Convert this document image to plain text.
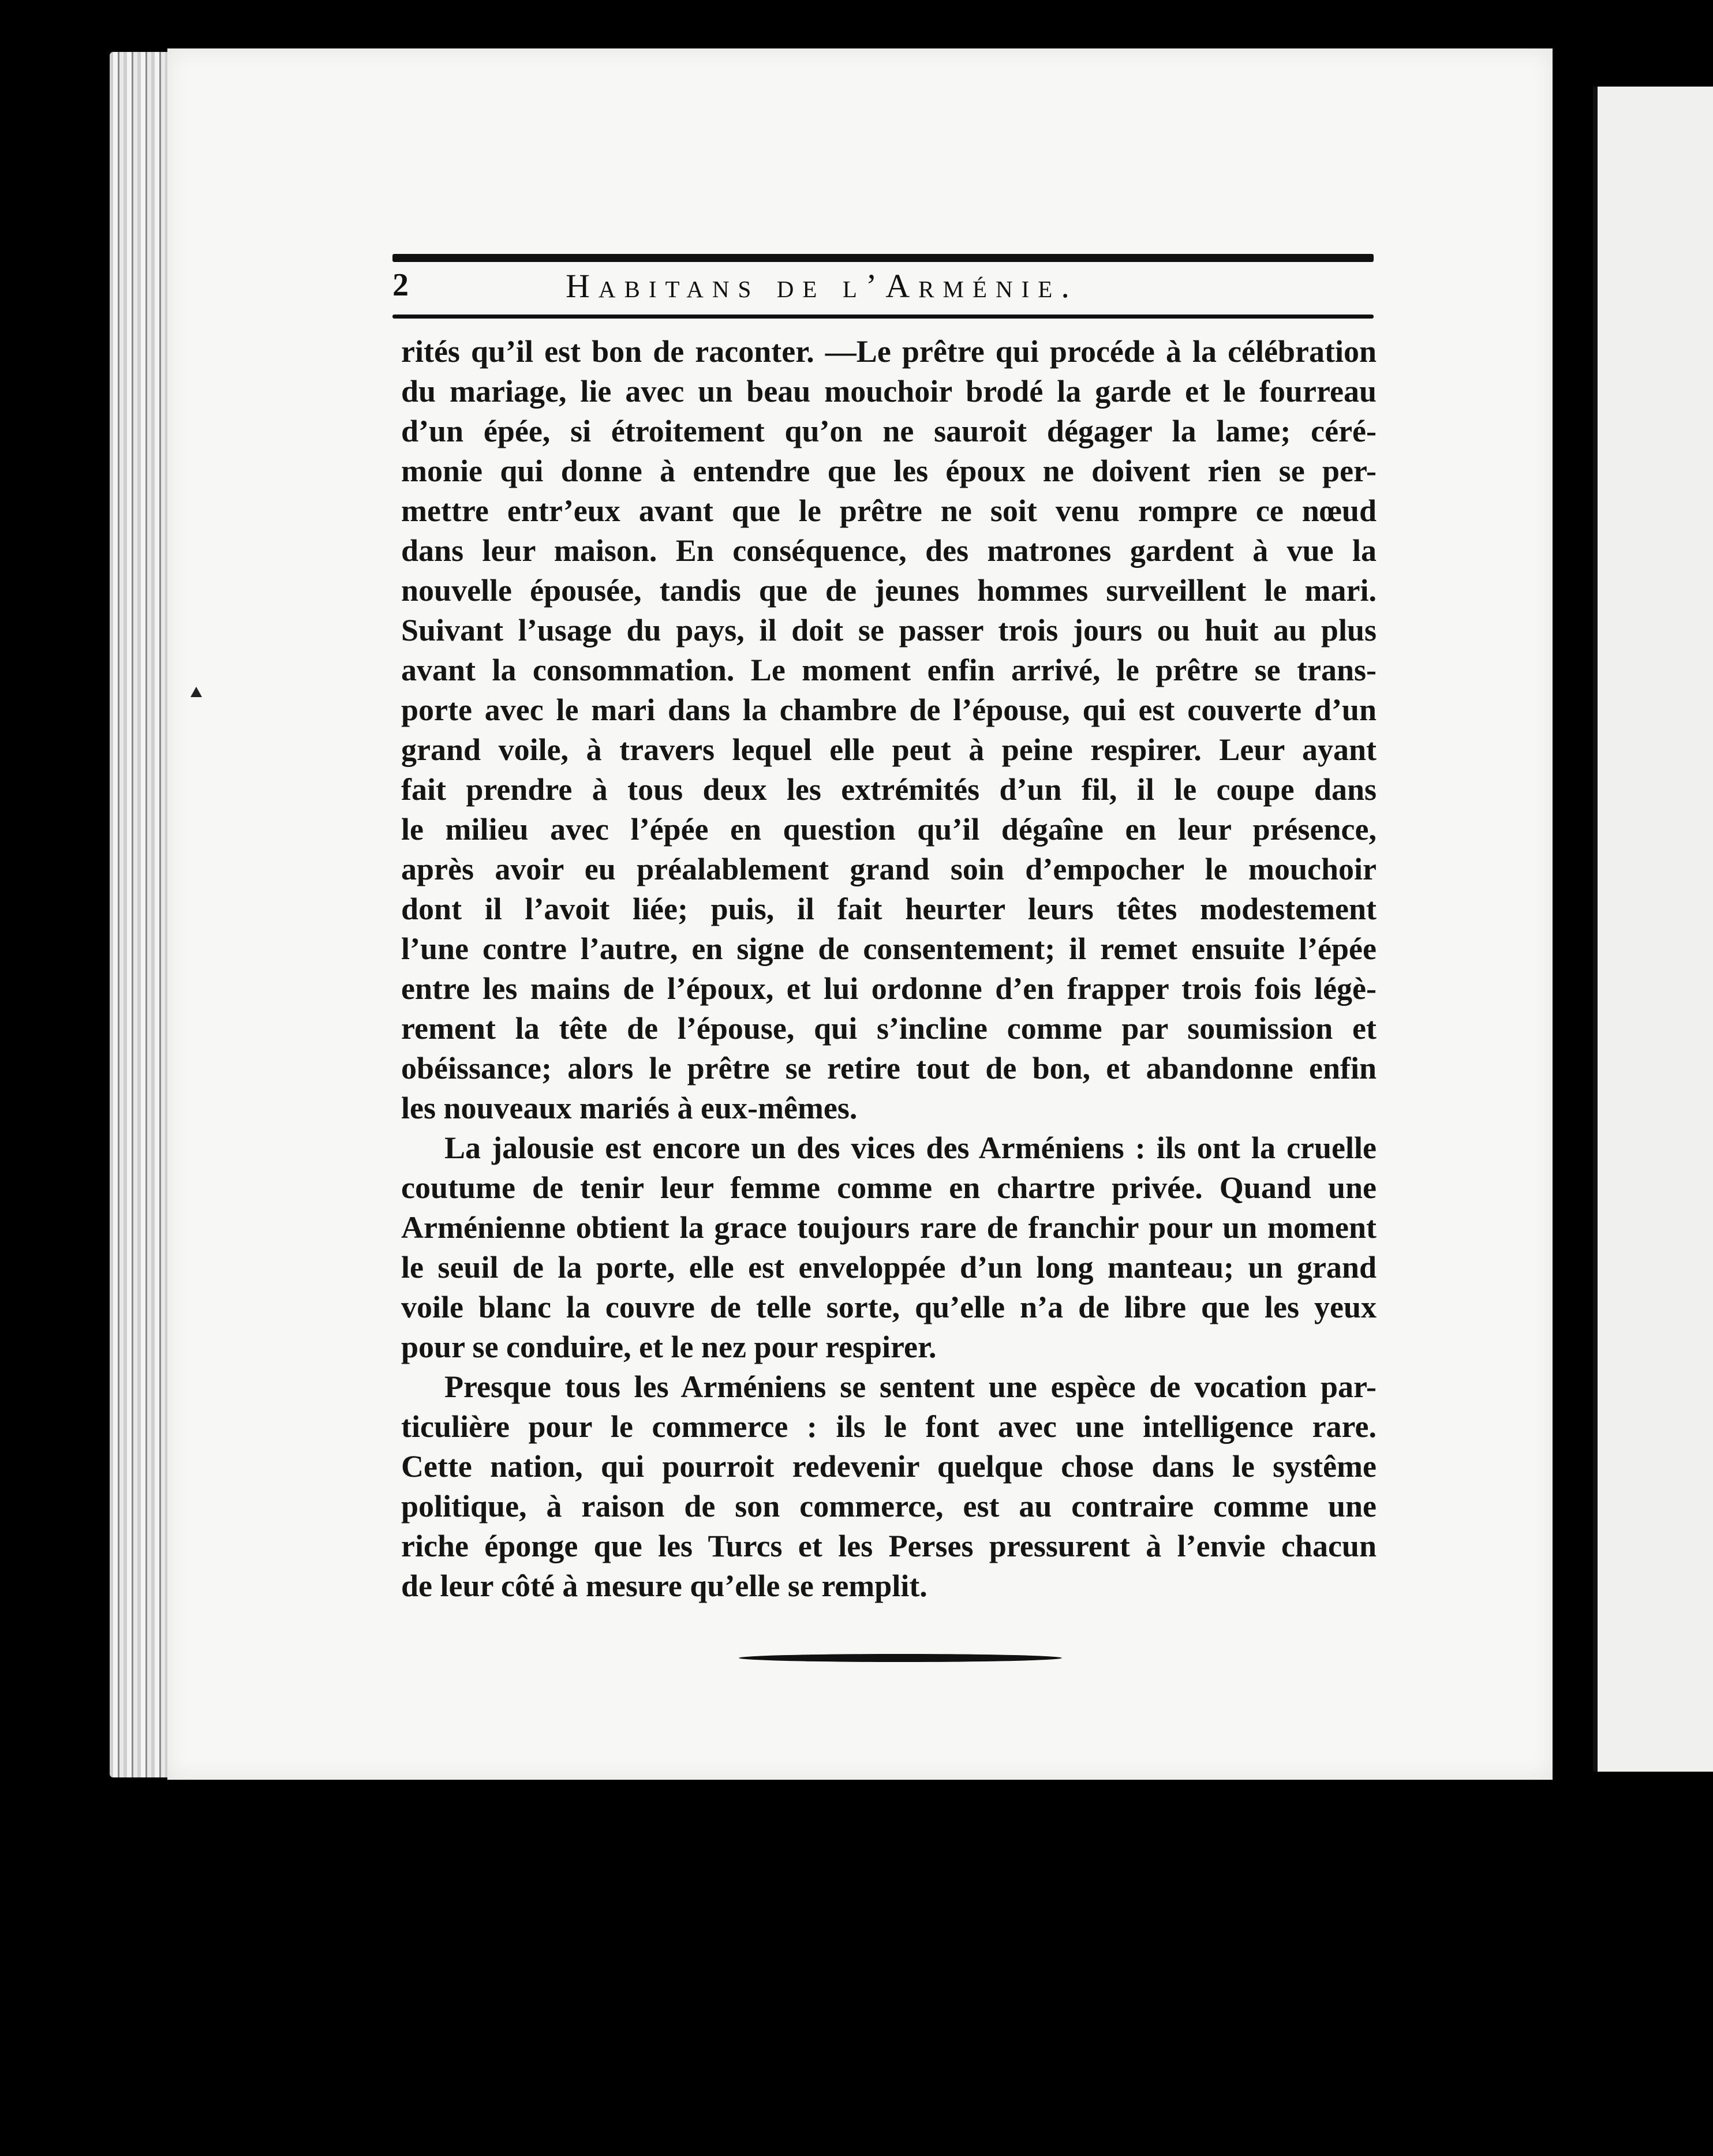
2	Habitans de l’Arménie.
rités qu’il est bon de raconter. —Le prêtre qui procéde à la célébration
du mariage, lie avec un beau mouchoir brodé la garde et le fourreau
d’un épée, si étroitement qu’on ne sauroit dégager la lame; céré-
monie qui donne à entendre que les époux ne doivent rien se per-
mettre entr’eux avant que le prêtre ne soit venu rompre ce nœud
dans leur maison. En conséquence, des matrones gardent à vue la
nouvelle épousée, tandis que de jeunes hommes surveillent le mari.
Suivant l’usage du pays, il doit se passer trois jours ou huit au plus
avant la consommation. Le moment enfin arrivé, le prêtre se trans-
porte avec le mari dans la chambre de l’épouse, qui est couverte d’un
grand voile, à travers lequel elle peut à peine respirer. Leur ayant
fait prendre à tous deux les extrémités d’un fil, il le coupe dans
le milieu avec l’épée en question qu’il dégaîne en leur présence,
après avoir eu préalablement grand soin d’empocher le mouchoir
dont il l’avoit liée; puis, il fait heurter leurs têtes modestement
l’une contre l’autre, en signe de consentement; il remet ensuite l’épée
entre les mains de l’époux, et lui ordonne d’en frapper trois fois légè-
rement la tête de l’épouse, qui s’incline comme par soumission et
obéissance; alors le prêtre se retire tout de bon, et abandonne enfin
les nouveaux mariés à eux-mêmes.
La jalousie est encore un des vices des Arméniens : ils ont la cruelle
coutume de tenir leur femme comme en chartre privée. Quand une
Arménienne obtient la grace toujours rare de franchir pour un moment
le seuil de la porte, elle est enveloppée d’un long manteau; un grand
voile blanc la couvre de telle sorte, qu’elle n’a de libre que les yeux
pour se conduire, et le nez pour respirer.
Presque tous les Arméniens se sentent une espèce de vocation par-
ticulière pour le commerce : ils le font avec une intelligence rare.
Cette nation, qui pourroit redevenir quelque chose dans le systême
politique, à raison de son commerce, est au contraire comme une
riche éponge que les Turcs et les Perses pressurent à l’envie chacun
de leur côté à mesure qu’elle se remplit.
